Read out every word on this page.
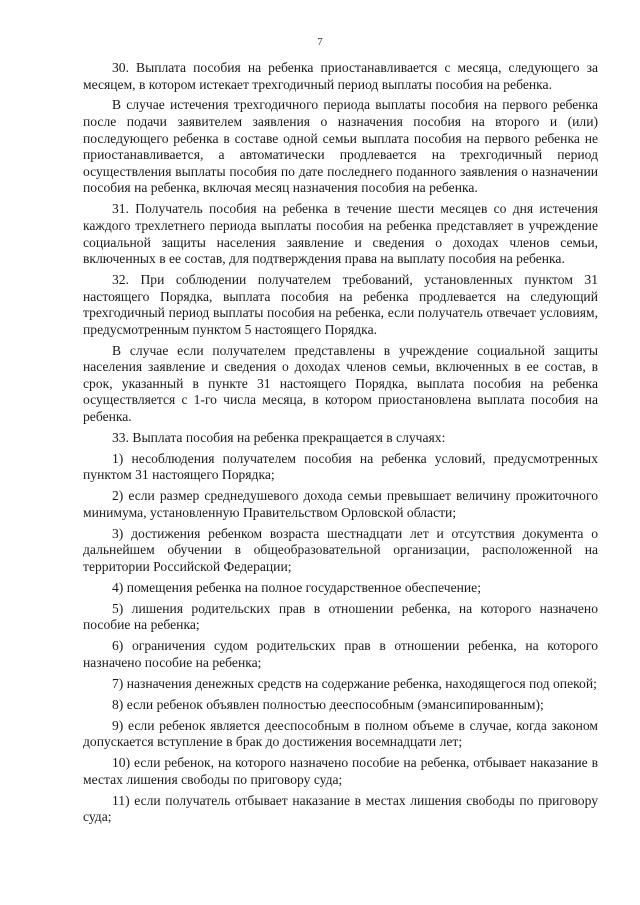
7

30. Выплата пособия на ребенка приостанавливается с месяца, следующего за месяцем, в котором истекает трехгодичный период выплаты пособия на ребенка.

В случае истечения трехгодичного периода выплаты пособия на первого ребенка после подачи заявителем заявления о назначения пособия на второго и (или) последующего ребенка в составе одной семьи выплата пособия на первого ребенка не приостанавливается, а автоматически продлевается на трехгодичный период осуществления выплаты пособия по дате последнего поданного заявления о назначении пособия на ребенка, включая месяц назначения пособия на ребенка.

31. Получатель пособия на ребенка в течение шести месяцев со дня истечения каждого трехлетнего периода выплаты пособия на ребенка представляет в учреждение социальной защиты населения заявление и сведения о доходах членов семьи, включенных в ее состав, для подтверждения права на выплату пособия на ребенка.

32. При соблюдении получателем требований, установленных пунктом 31 настоящего Порядка, выплата пособия на ребенка продлевается на следующий трехгодичный период выплаты пособия на ребенка, если получатель отвечает условиям, предусмотренным пунктом 5 настоящего Порядка.

В случае если получателем представлены в учреждение социальной защиты населения заявление и сведения о доходах членов семьи, включенных в ее состав, в срок, указанный в пункте 31 настоящего Порядка, выплата пособия на ребенка осуществляется с 1-го числа месяца, в котором приостановлена выплата пособия на ребенка.

33. Выплата пособия на ребенка прекращается в случаях:

1) несоблюдения получателем пособия на ребенка условий, предусмотренных пунктом 31 настоящего Порядка;

2) если размер среднедушевого дохода семьи превышает величину прожиточного минимума, установленную Правительством Орловской области;

3) достижения ребенком возраста шестнадцати лет и отсутствия документа о дальнейшем обучении в общеобразовательной организации, расположенной на территории Российской Федерации;

4) помещения ребенка на полное государственное обеспечение;

5) лишения родительских прав в отношении ребенка, на которого назначено пособие на ребенка;

6) ограничения судом родительских прав в отношении ребенка, на которого назначено пособие на ребенка;

7) назначения денежных средств на содержание ребенка, находящегося под опекой;

8) если ребенок объявлен полностью дееспособным (эмансипированным);

9) если ребенок является дееспособным в полном объеме в случае, когда законом допускается вступление в брак до достижения восемнадцати лет;

10) если ребенок, на которого назначено пособие на ребенка, отбывает наказание в местах лишения свободы по приговору суда;

11) если получатель отбывает наказание в местах лишения свободы по приговору суда;
